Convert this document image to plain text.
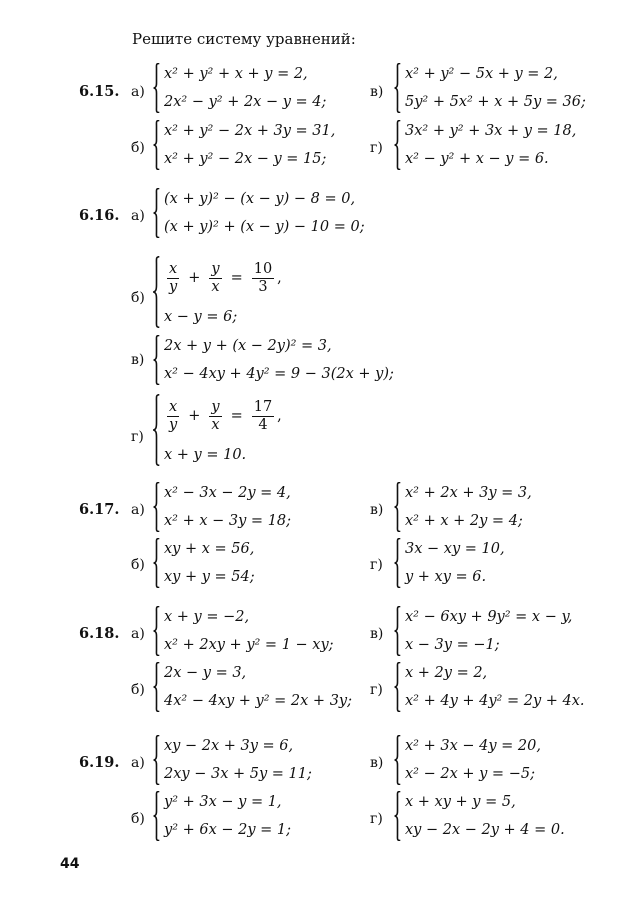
Решите систему уравнений:
6.15. а)
x² + y² + x + y = 2,
2x² − y² + 2x − y = 4;
в)
x² + y² − 5x + y = 2,
5y² + 5x² + x + 5y = 36;
б)
x² + y² − 2x + 3y = 31,
x² + y² − 2x − y = 15;
г)
3x² + y² + 3x + y = 18,
x² − y² + x − y = 6.
6.16. а)
(x + y)² − (x − y) − 8 = 0,
(x + y)² + (x − y) − 10 = 0;
б)
$\frac{x}{y} + \frac{y}{x} = \frac{10}{3}$ ,
x − y = 6;
в)
2x + y + (x − 2y)² = 3,
x² − 4xy + 4y² = 9 − 3(2x + y);
г)
$\frac{x}{y} + \frac{y}{x} = \frac{17}{4}$ ,
x + y = 10.
6.17. а)
x² − 3x − 2y = 4,
x² + x − 3y = 18;
в)
x² + 2x + 3y = 3,
x² + x + 2y = 4;
б)
xy + x = 56,
xy + y = 54;
г)
3x − xy = 10,
y + xy = 6.
6.18. а)
x + y = −2,
x² + 2xy + y² = 1 − xy;
в)
x² − 6xy + 9y² = x − y,
x − 3y = −1;
б)
2x − y = 3,
4x² − 4xy + y² = 2x + 3y;
г)
x + 2y = 2,
x² + 4y + 4y² = 2y + 4x.
6.19. а)
xy − 2x + 3y = 6,
2xy − 3x + 5y = 11;
в)
x² + 3x − 4y = 20,
x² − 2x + y = −5;
б)
y² + 3x − y = 1,
y² + 6x − 2y = 1;
г)
x + xy + y = 5,
xy − 2x − 2y + 4 = 0.
44
